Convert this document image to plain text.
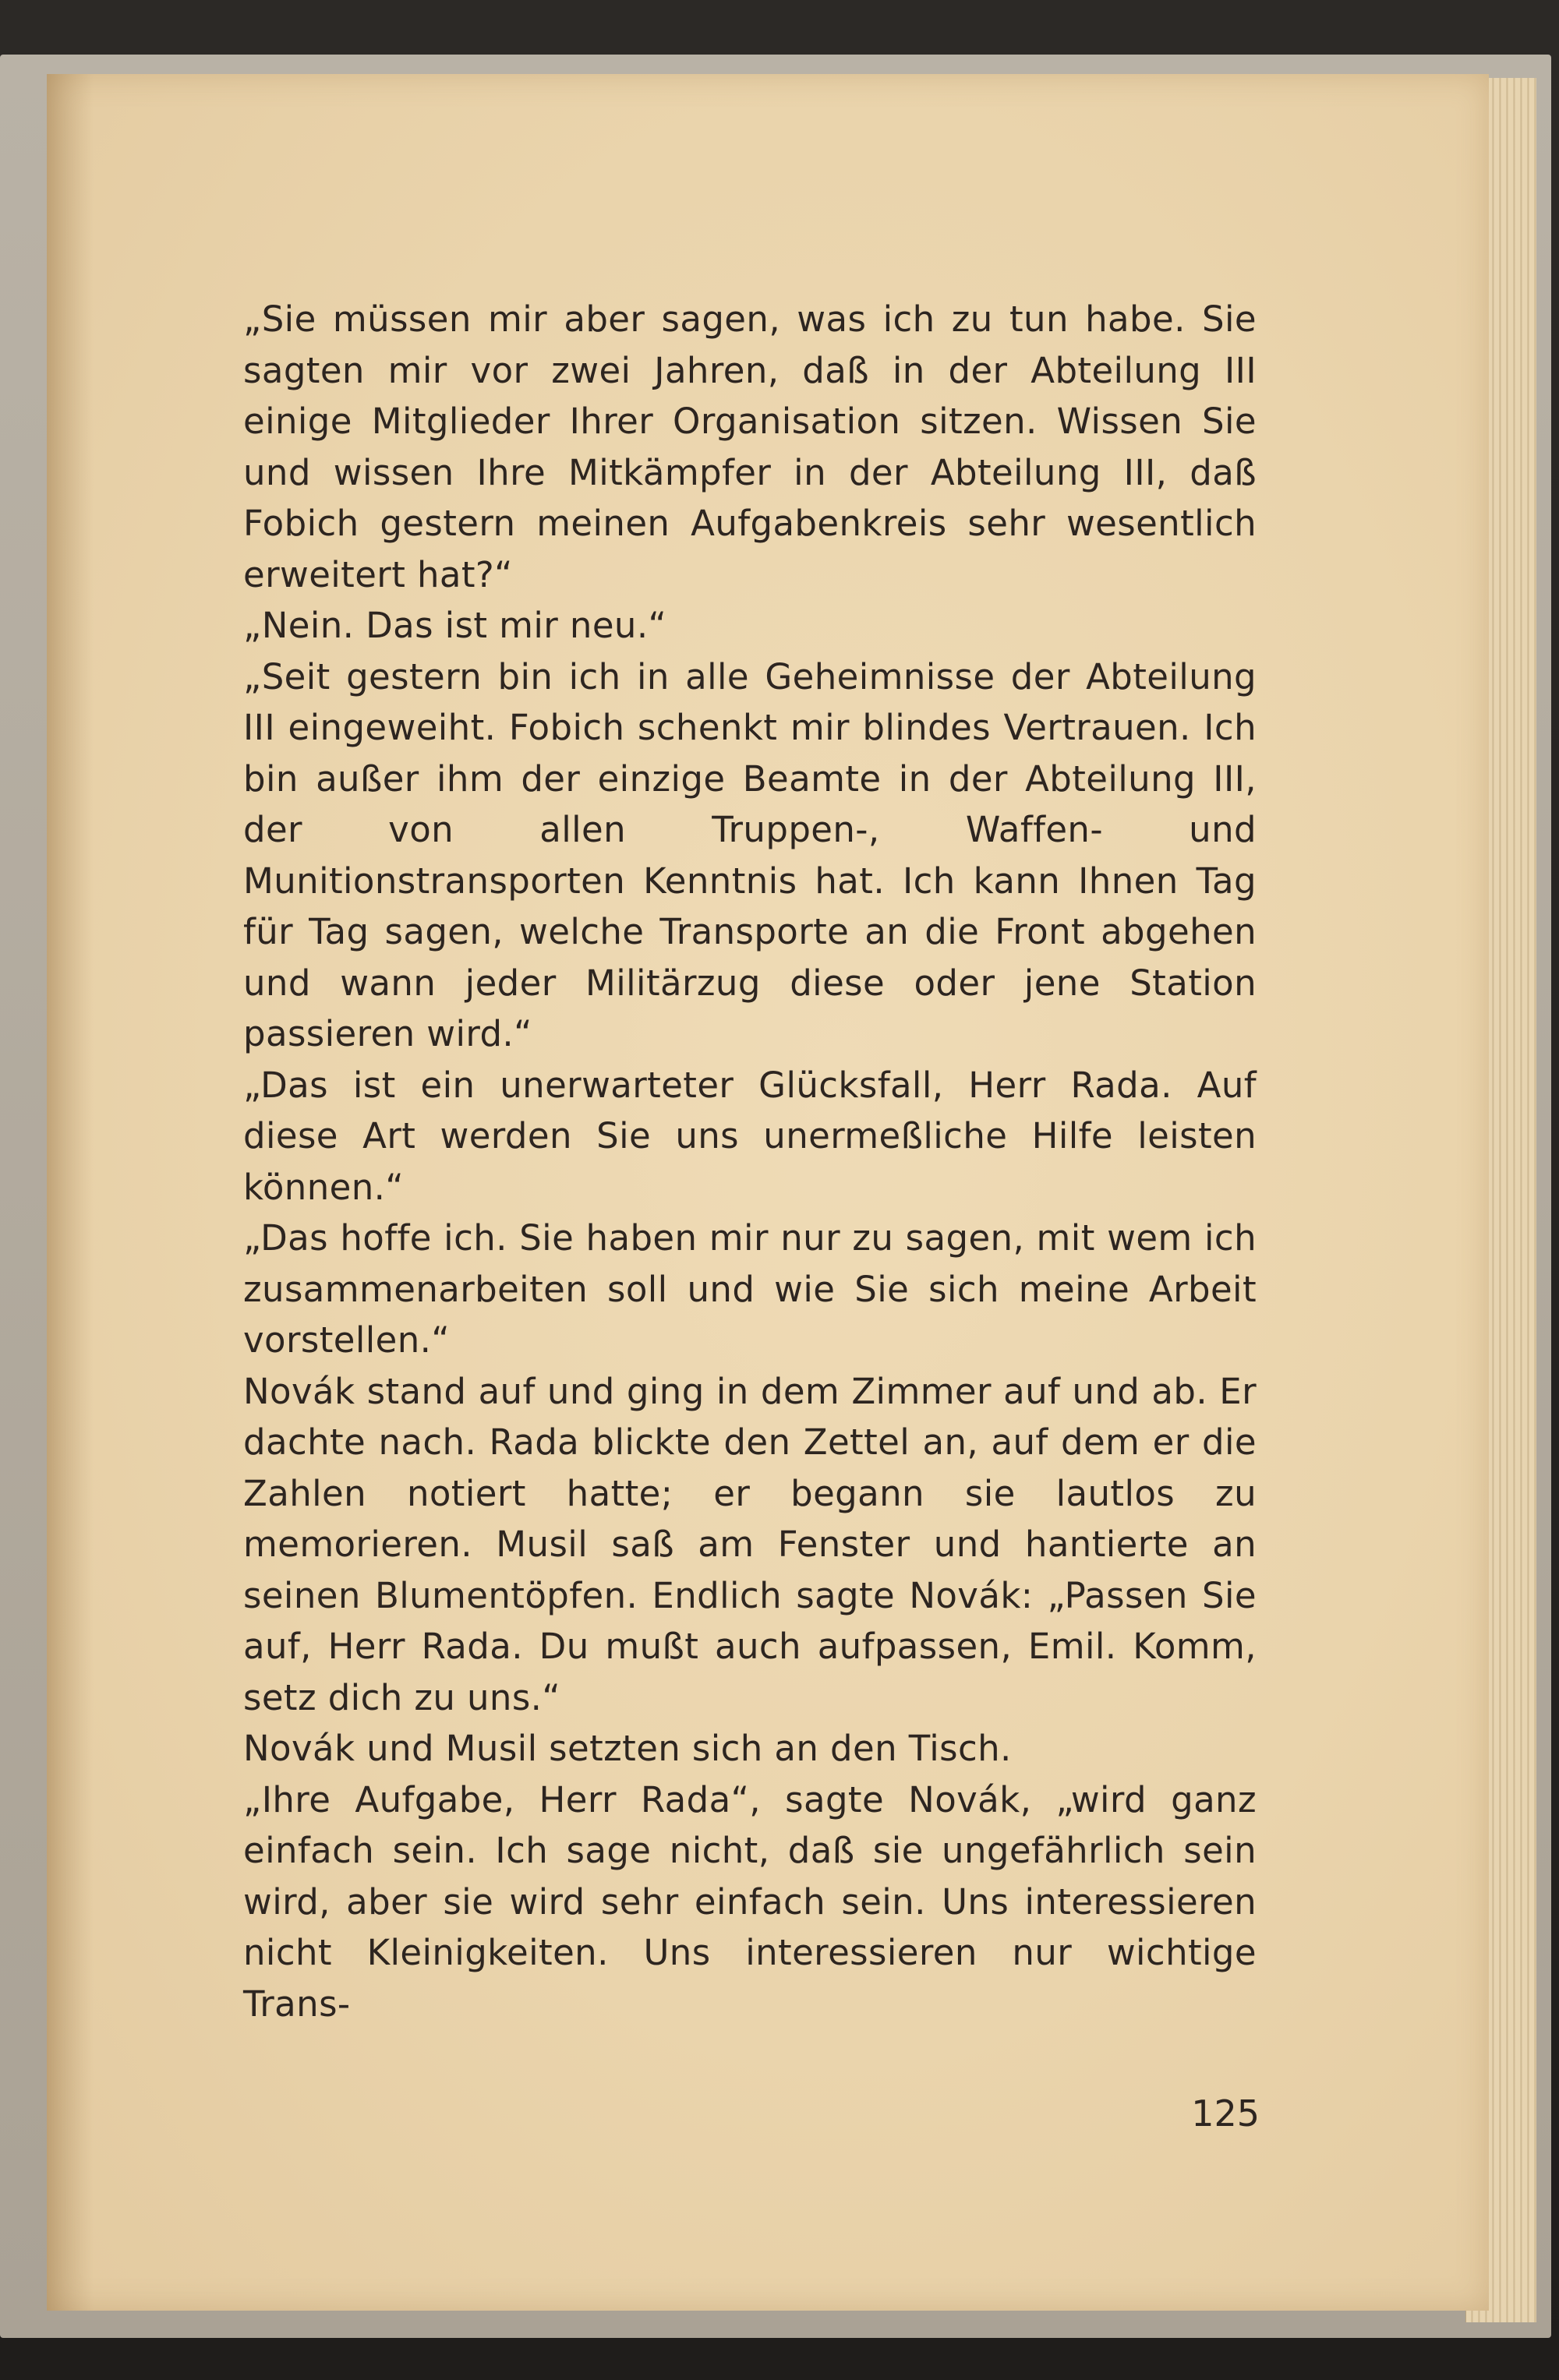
„Sie müssen mir aber sagen, was ich zu tun habe. Sie sagten mir vor zwei Jahren, daß in der Abteilung III einige Mitglieder Ihrer Organisation sitzen. Wissen Sie und wissen Ihre Mitkämpfer in der Abteilung III, daß Fobich gestern meinen Aufgabenkreis sehr wesentlich erweitert hat?“

„Nein. Das ist mir neu.“

„Seit gestern bin ich in alle Geheimnisse der Abteilung III eingeweiht. Fobich schenkt mir blindes Vertrauen. Ich bin außer ihm der einzige Beamte in der Abteilung III, der von allen Truppen-, Waffen- und Munitionstransporten Kenntnis hat. Ich kann Ihnen Tag für Tag sagen, welche Transporte an die Front abgehen und wann jeder Militärzug diese oder jene Station passieren wird.“

„Das ist ein unerwarteter Glücksfall, Herr Rada. Auf diese Art werden Sie uns unermeßliche Hilfe leisten können.“

„Das hoffe ich. Sie haben mir nur zu sagen, mit wem ich zusammenarbeiten soll und wie Sie sich meine Arbeit vorstellen.“

Novák stand auf und ging in dem Zimmer auf und ab. Er dachte nach. Rada blickte den Zettel an, auf dem er die Zahlen notiert hatte; er begann sie lautlos zu memorieren. Musil saß am Fenster und hantierte an seinen Blumentöpfen. Endlich sagte Novák: „Passen Sie auf, Herr Rada. Du mußt auch aufpassen, Emil. Komm, setz dich zu uns.“

Novák und Musil setzten sich an den Tisch.

„Ihre Aufgabe, Herr Rada“, sagte Novák, „wird ganz einfach sein. Ich sage nicht, daß sie ungefährlich sein wird, aber sie wird sehr einfach sein. Uns interessieren nicht Kleinigkeiten. Uns interessieren nur wichtige Trans-

125
